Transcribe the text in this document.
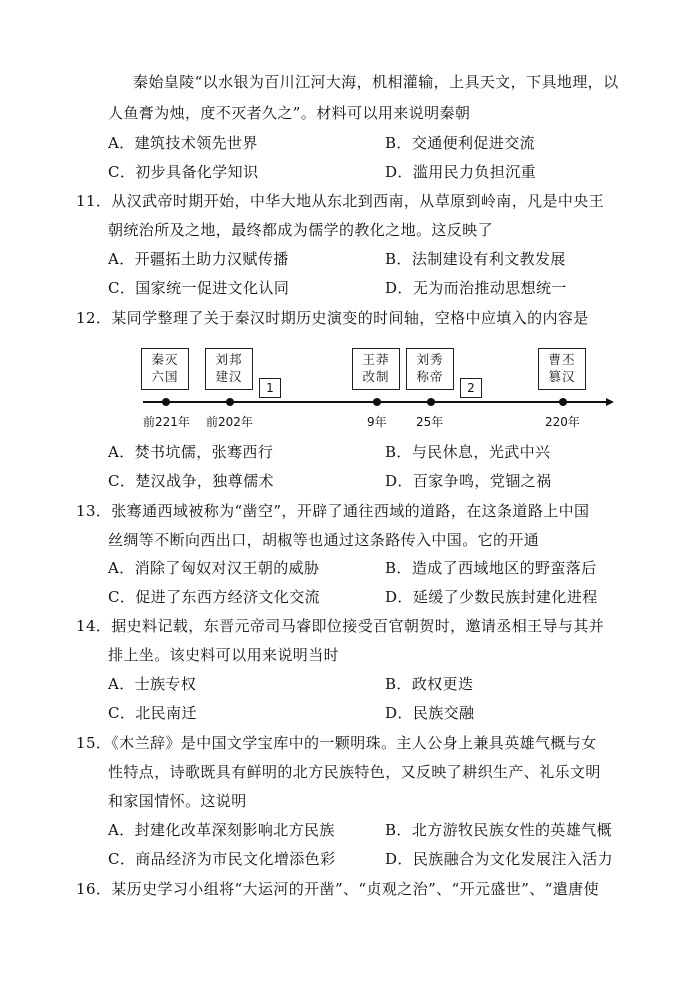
秦始皇陵“以水银为百川江河大海，机相灌输，上具天文，下具地理，以
人鱼膏为烛，度不灭者久之”。材料可以用来说明秦朝
A．建筑技术领先世界	B．交通便利促进交流
C．初步具备化学知识	D．滥用民力负担沉重
11．从汉武帝时期开始，中华大地从东北到西南，从草原到岭南，凡是中央王
朝统治所及之地，最终都成为儒学的教化之地。这反映了
A．开疆拓土助力汉赋传播	B．法制建设有利文教发展
C．国家统一促进文化认同	D．无为而治推动思想统一
12．某同学整理了关于秦汉时期历史演变的时间轴，空格中应填入的内容是
秦灭
六国
刘邦
建汉
1
王莽
改制
刘秀
称帝
2
曹丕
篡汉
前221年 前202年	9年 25年	220年
A．焚书坑儒，张骞西行	B．与民休息，光武中兴
C．楚汉战争，独尊儒术	D．百家争鸣，党锢之祸
13．张骞通西域被称为“凿空”，开辟了通往西域的道路，在这条道路上中国
丝绸等不断向西出口，胡椒等也通过这条路传入中国。它的开通
A．消除了匈奴对汉王朝的威胁	B．造成了西域地区的野蛮落后
C．促进了东西方经济文化交流	D．延缓了少数民族封建化进程
14．据史料记载，东晋元帝司马睿即位接受百官朝贺时，邀请丞相王导与其并
排上坐。该史料可以用来说明当时
A．士族专权	B．政权更迭
C．北民南迁	D．民族交融
15．《木兰辞》是中国文学宝库中的一颗明珠。主人公身上兼具英雄气概与女
性特点，诗歌既具有鲜明的北方民族特色，又反映了耕织生产、礼乐文明
和家国情怀。这说明
A．封建化改革深刻影响北方民族	B．北方游牧民族女性的英雄气概
C．商品经济为市民文化增添色彩	D．民族融合为文化发展注入活力
16．某历史学习小组将“大运河的开凿”、“贞观之治”、“开元盛世”、“遣唐使
